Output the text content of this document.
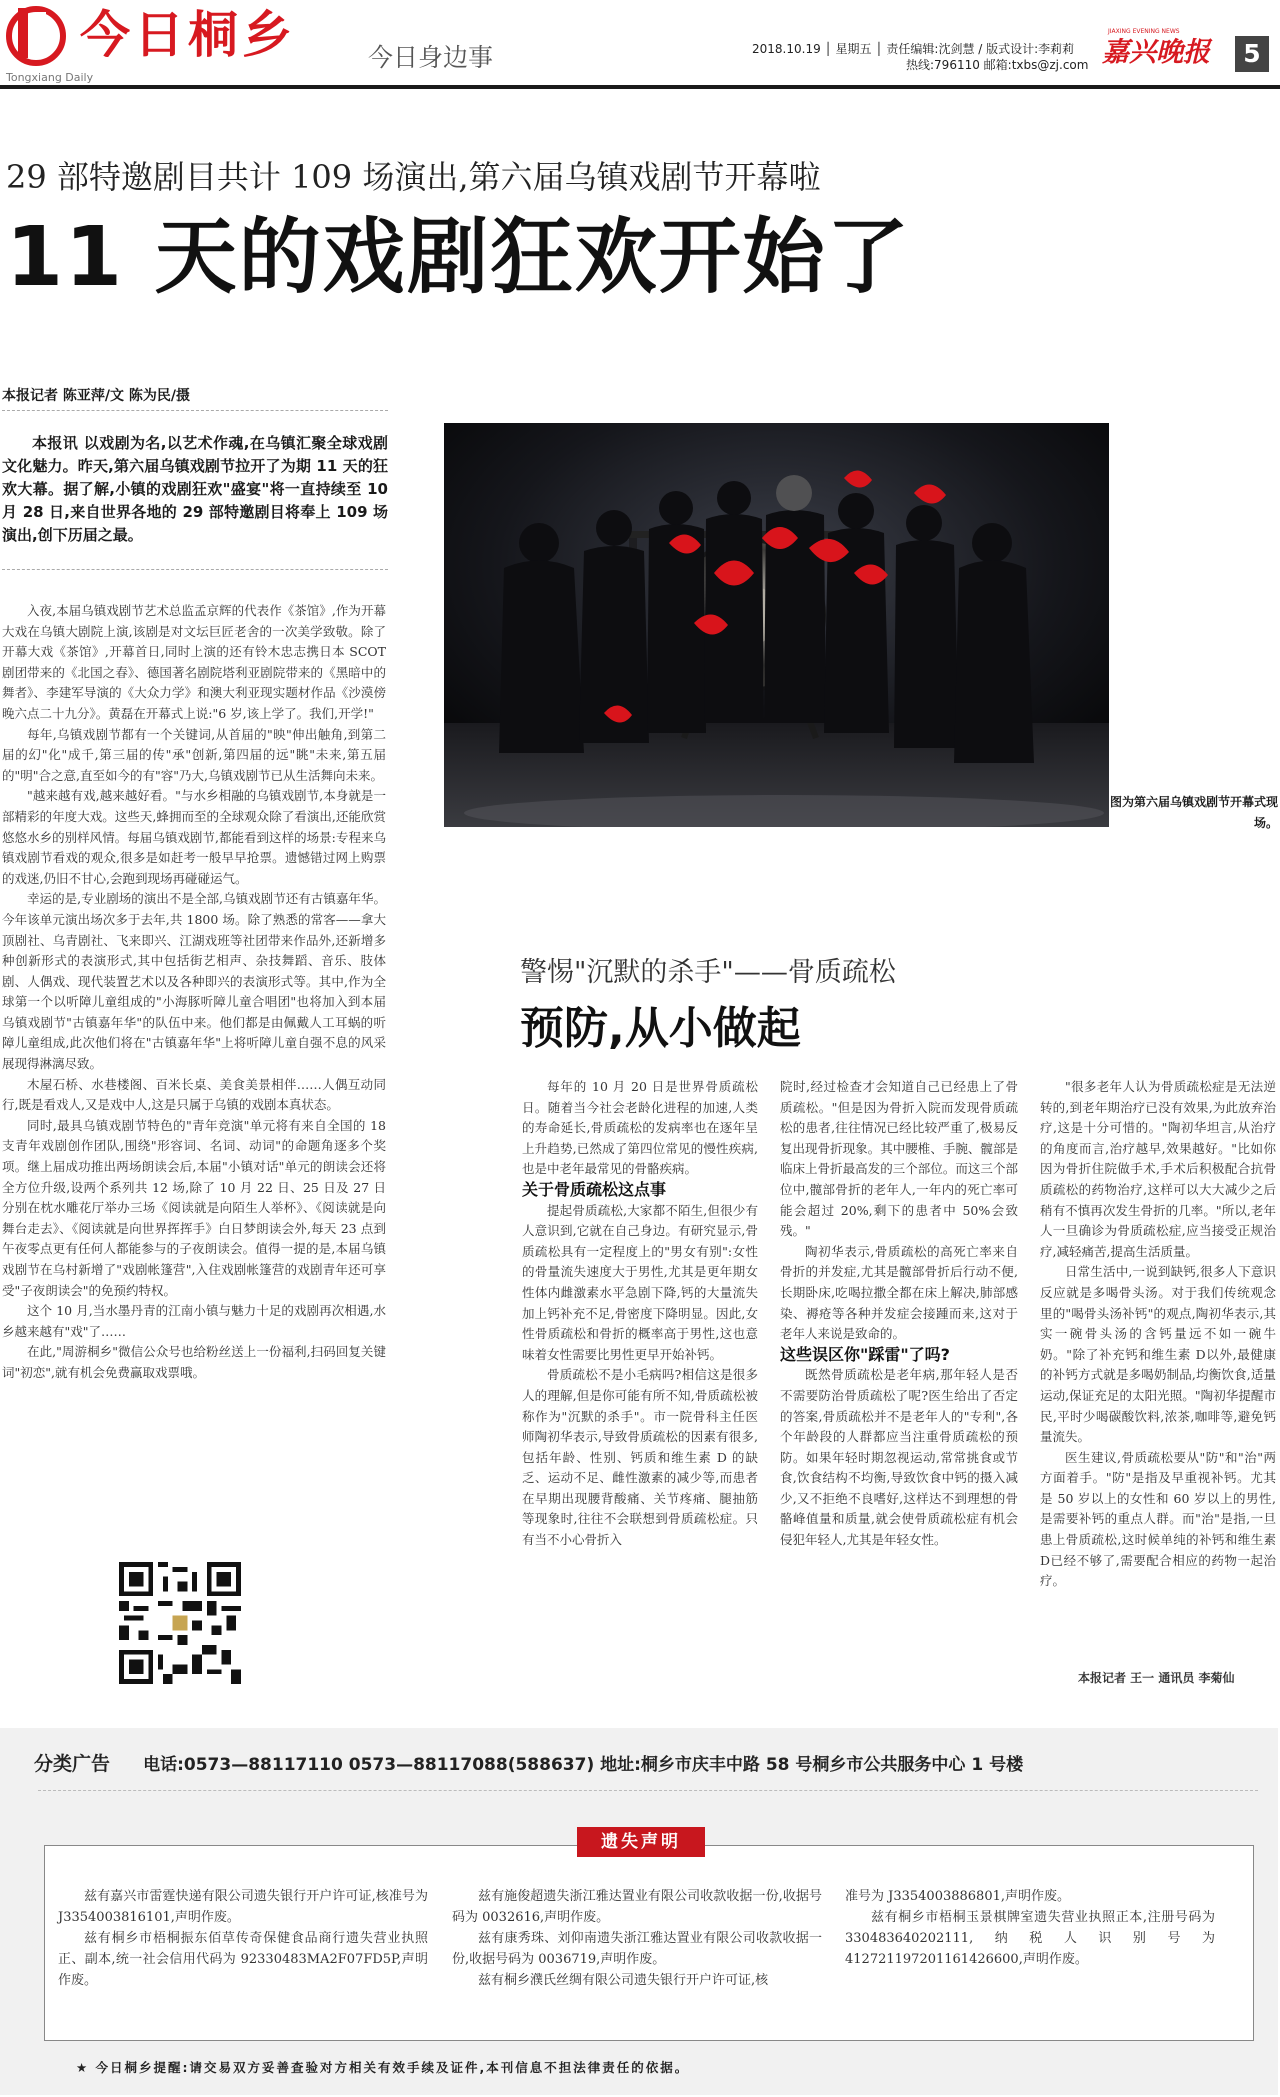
今日桐乡
Tongxiang Daily
今日身边事	2018.10.19 │ 星期五 │ 责任编辑:沈剑慧 / 版式设计:李莉莉
热线:796110 邮箱:txbs@zj.com
JIAXING EVENING NEWS
嘉兴晚报	5
29 部特邀剧目共计 109 场演出,第六届乌镇戏剧节开幕啦
11 天的戏剧狂欢开始了
本报记者 陈亚萍/文 陈为民/摄
本报讯 以戏剧为名,以艺术作魂,在乌镇汇聚全球戏剧文化魅力。昨天,第六届乌镇戏剧节拉开了为期 11 天的狂欢大幕。据了解,小镇的戏剧狂欢"盛宴"将一直持续至 10 月 28 日,来自世界各地的 29 部特邀剧目将奉上 109 场演出,创下历届之最。

入夜,本届乌镇戏剧节艺术总监孟京辉的代表作《茶馆》,作为开幕大戏在乌镇大剧院上演,该剧是对文坛巨匠老舍的一次美学致敬。除了开幕大戏《茶馆》,开幕首日,同时上演的还有铃木忠志携日本 SCOT 剧团带来的《北国之春》、德国著名剧院塔利亚剧院带来的《黑暗中的舞者》、李建军导演的《大众力学》和澳大利亚现实题材作品《沙漠傍晚六点二十九分》。黄磊在开幕式上说:"6 岁,该上学了。我们,开学!"

每年,乌镇戏剧节都有一个关键词,从首届的"映"伸出触角,到第二届的幻"化"成千,第三届的传"承"创新,第四届的远"眺"未来,第五届的"明"合之意,直至如今的有"容"乃大,乌镇戏剧节已从生活舞向未来。

"越来越有戏,越来越好看。"与水乡相融的乌镇戏剧节,本身就是一部精彩的年度大戏。这些天,蜂拥而至的全球观众除了看演出,还能欣赏悠悠水乡的别样风情。每届乌镇戏剧节,都能看到这样的场景:专程来乌镇戏剧节看戏的观众,很多是如赶考一般早早抢票。遗憾错过网上购票的戏迷,仍旧不甘心,会跑到现场再碰碰运气。

幸运的是,专业剧场的演出不是全部,乌镇戏剧节还有古镇嘉年华。今年该单元演出场次多于去年,共 1800 场。除了熟悉的常客——拿大顶剧社、乌青剧社、飞来即兴、江湖戏班等社团带来作品外,还新增多种创新形式的表演形式,其中包括街艺相声、杂技舞蹈、音乐、肢体剧、人偶戏、现代装置艺术以及各种即兴的表演形式等。其中,作为全球第一个以听障儿童组成的"小海豚听障儿童合唱团"也将加入到本届乌镇戏剧节"古镇嘉年华"的队伍中来。他们都是由佩戴人工耳蜗的听障儿童组成,此次他们将在"古镇嘉年华"上将听障儿童自强不息的风采展现得淋漓尽致。

木屋石桥、水巷楼阁、百米长桌、美食美景相伴……人偶互动同行,既是看戏人,又是戏中人,这是只属于乌镇的戏剧本真状态。

同时,最具乌镇戏剧节特色的"青年竞演"单元将有来自全国的 18 支青年戏剧创作团队,围绕"形容词、名词、动词"的命题角逐多个奖项。继上届成功推出两场朗读会后,本届"小镇对话"单元的朗读会还将全方位升级,设两个系列共 12 场,除了 10 月 22 日、25 日及 27 日分别在枕水雕花厅举办三场《阅读就是向陌生人举杯》、《阅读就是向舞台走去》、《阅读就是向世界挥挥手》白日梦朗读会外,每天 23 点到午夜零点更有任何人都能参与的子夜朗读会。值得一提的是,本届乌镇戏剧节在乌村新增了"戏剧帐篷营",入住戏剧帐篷营的戏剧青年还可享受"子夜朗读会"的免预约特权。

这个 10 月,当水墨丹青的江南小镇与魅力十足的戏剧再次相遇,水乡越来越有"戏"了……

在此,"周游桐乡"微信公众号也给粉丝送上一份福利,扫码回复关键词"初恋",就有机会免费赢取戏票哦。

图为第六届乌镇戏剧节开幕式现场。
警惕"沉默的杀手"——骨质疏松
预防,从小做起

每年的 10 月 20 日是世界骨质疏松日。随着当今社会老龄化进程的加速,人类的寿命延长,骨质疏松的发病率也在逐年呈上升趋势,已然成了第四位常见的慢性疾病,也是中老年最常见的骨骼疾病。

关于骨质疏松这点事

提起骨质疏松,大家都不陌生,但很少有人意识到,它就在自己身边。有研究显示,骨质疏松具有一定程度上的"男女有别":女性的骨量流失速度大于男性,尤其是更年期女性体内雌激素水平急剧下降,钙的大量流失加上钙补充不足,骨密度下降明显。因此,女性骨质疏松和骨折的概率高于男性,这也意味着女性需要比男性更早开始补钙。

骨质疏松不是小毛病吗?相信这是很多人的理解,但是你可能有所不知,骨质疏松被称作为"沉默的杀手"。市一院骨科主任医师陶初华表示,导致骨质疏松的因素有很多,包括年龄、性别、钙质和维生素 D 的缺乏、运动不足、雌性激素的减少等,而患者在早期出现腰背酸痛、关节疼痛、腿抽筋等现象时,往往不会联想到骨质疏松症。只有当不小心骨折入

院时,经过检查才会知道自己已经患上了骨质疏松。"但是因为骨折入院而发现骨质疏松的患者,往往情况已经比较严重了,极易反复出现骨折现象。其中腰椎、手腕、髋部是临床上骨折最高发的三个部位。而这三个部位中,髋部骨折的老年人,一年内的死亡率可能会超过 20%,剩下的患者中 50%会致残。"

陶初华表示,骨质疏松的高死亡率来自骨折的并发症,尤其是髋部骨折后行动不便,长期卧床,吃喝拉撒全都在床上解决,肺部感染、褥疮等各种并发症会接踵而来,这对于老年人来说是致命的。

这些误区你"踩雷"了吗?

既然骨质疏松是老年病,那年轻人是否不需要防治骨质疏松了呢?医生给出了否定的答案,骨质疏松并不是老年人的"专利",各个年龄段的人群都应当注重骨质疏松的预防。如果年轻时期忽视运动,常常挑食或节食,饮食结构不均衡,导致饮食中钙的摄入减少,又不拒绝不良嗜好,这样达不到理想的骨骼峰值量和质量,就会使骨质疏松症有机会侵犯年轻人,尤其是年轻女性。

"很多老年人认为骨质疏松症是无法逆转的,到老年期治疗已没有效果,为此放弃治疗,这是十分可惜的。"陶初华坦言,从治疗的角度而言,治疗越早,效果越好。"比如你因为骨折住院做手术,手术后积极配合抗骨质疏松的药物治疗,这样可以大大减少之后稍有不慎再次发生骨折的几率。"所以,老年人一旦确诊为骨质疏松症,应当接受正规治疗,减轻痛苦,提高生活质量。

日常生活中,一说到缺钙,很多人下意识反应就是多喝骨头汤。对于我们传统观念里的"喝骨头汤补钙"的观点,陶初华表示,其实一碗骨头汤的含钙量远不如一碗牛奶。"除了补充钙和维生素 D以外,最健康的补钙方式就是多喝奶制品,均衡饮食,适量运动,保证充足的太阳光照。"陶初华提醒市民,平时少喝碳酸饮料,浓茶,咖啡等,避免钙量流失。

医生建议,骨质疏松要从"防"和"治"两方面着手。"防"是指及早重视补钙。尤其是 50 岁以上的女性和 60 岁以上的男性,是需要补钙的重点人群。而"治"是指,一旦患上骨质疏松,这时候单纯的补钙和维生素 D已经不够了,需要配合相应的药物一起治疗。

本报记者 王一 通讯员 李菊仙
分类广告 电话:0573—88117110 0573—88117088(588637) 地址:桐乡市庆丰中路 58 号桐乡市公共服务中心 1 号楼
遗失声明

兹有嘉兴市雷霆快递有限公司遗失银行开户许可证,核准号为 J3354003816101,声明作废。

兹有桐乡市梧桐振东佰草传奇保健食品商行遗失营业执照正、副本,统一社会信用代码为 92330483MA2F07FD5P,声明作废。

兹有施俊超遗失浙江雅达置业有限公司收款收据一份,收据号码为 0032616,声明作废。

兹有康秀珠、刘仰南遗失浙江雅达置业有限公司收款收据一份,收据号码为 0036719,声明作废。

兹有桐乡濮氏丝绸有限公司遗失银行开户许可证,核

准号为 J3354003886801,声明作废。

兹有桐乡市梧桐玉景棋牌室遗失营业执照正本,注册号码为 330483640202111,纳税人识别号为 412721197201161426600,声明作废。

★ 今日桐乡提醒:请交易双方妥善查验对方相关有效手续及证件,本刊信息不担法律责任的依据。
